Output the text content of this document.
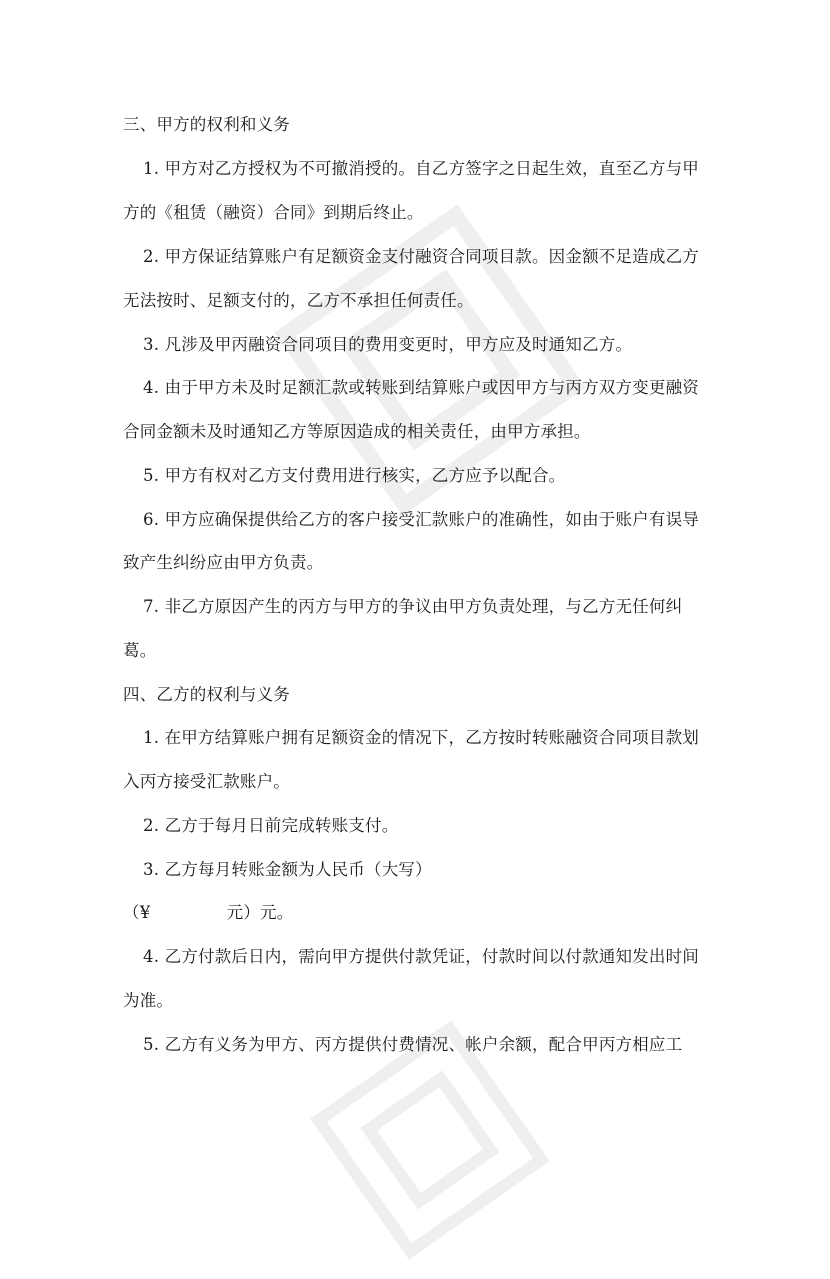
三、甲方的权利和义务
1. 甲方对乙方授权为不可撤消授的。自乙方签字之日起生效，直至乙方与甲
方的《租赁（融资）合同》到期后终止。
2. 甲方保证结算账户有足额资金支付融资合同项目款。因金额不足造成乙方
无法按时、足额支付的，乙方不承担任何责任。
3. 凡涉及甲丙融资合同项目的费用变更时，甲方应及时通知乙方。
4. 由于甲方未及时足额汇款或转账到结算账户或因甲方与丙方双方变更融资
合同金额未及时通知乙方等原因造成的相关责任，由甲方承担。
5. 甲方有权对乙方支付费用进行核实，乙方应予以配合。
6. 甲方应确保提供给乙方的客户接受汇款账户的准确性，如由于账户有误导
致产生纠纷应由甲方负责。
7. 非乙方原因产生的丙方与甲方的争议由甲方负责处理，与乙方无任何纠
葛。
四、乙方的权利与义务
1. 在甲方结算账户拥有足额资金的情况下，乙方按时转账融资合同项目款划
入丙方接受汇款账户。
2. 乙方于每月日前完成转账支付。
3. 乙方每月转账金额为人民币（大写）
（¥              元）元。
4. 乙方付款后日内，需向甲方提供付款凭证，付款时间以付款通知发出时间
为准。
5. 乙方有义务为甲方、丙方提供付费情况、帐户余额，配合甲丙方相应工
